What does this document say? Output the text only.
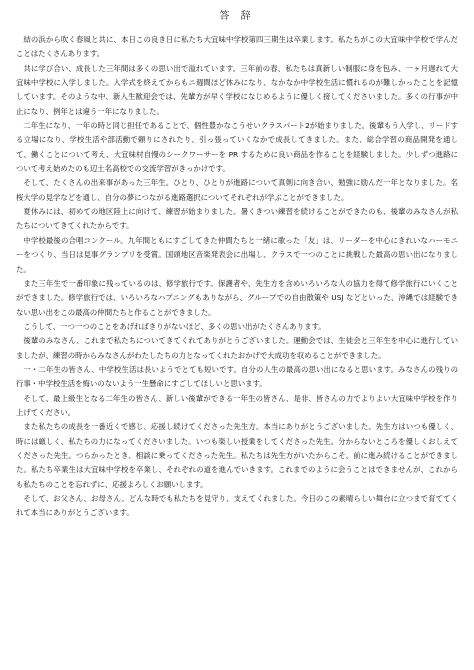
答 辞

結の浜から吹く春風と共に、本日この良き日に私たち大宜味中学校第四三期生は卒業します。私たちがこの大宜味中学校で学んだことはたくさんあります。

共に学び合い、成長した三年間は多くの思い出で溢れています。三年前の春、私たちは真新しい制服に身を包み、一ヶ月遅れて大宜味中学校に入学しました。入学式を終えてからもニ週間ほど休みになり、なかなか中学校生活に慣れるのが難しかったことを記憶しています。そのような中、新入生歓迎会では、先輩方が早く学校になじめるように優しく接してくださいました。多くの行事が中止になり、例年とは違う一年になりました。

二年生になり、一年の時と同じ担任であることで、個性豊かなこうせいクラスパート2が始まりました。後輩もう入学し、リードする立場になり、学校生活や部活動で頼りにされたり、引っ張っていくなかで成長してきました。また、総合学習の商品開発を通して、働くことについて考え、大宜味村自慢のシークワーサーを PR するために良い商品を作ることを経験しました。少しずつ進路について考え始めたのも辺土名高校での交流学習がきっかけです。

そして、たくさんの出来事があった三年生。ひとり、ひとりが進路について真剣に向き合い、勉強に励んだ一年となりました。名桜大学の見学などを通し、自分の夢につながる進路選択についてそれぞれが学ぶことができました。

夏休みには、初めての地区陸上に向けて、練習が始まりました。暑くきつい練習を続けることができたのも、後輩のみなさんが私たちについてきてくれたからです。

中学校最後の合唱コンクール。九年間ともにすごしてきた仲間たちと一緒に歌った「友」は、リーダーを中心にきれいなハーモニーをつくり、当日は見事グランプリを受賞。国頭地区音楽発表会に出場し、クラスで一つのことに挑戦した最高の思い出になりました。

また三年生で一番印象に残っているのは、修学旅行です。保護者や、先生方を含めいろいろな人の協力を得て修学旅行にいくことができました。修学旅行では、いろいろなハプニングもありながら、グループでの自由散策や USJ などといった、沖縄では経験できない思い出をこの最高の仲間たちと作ることができました。

こうして、一つ一つのことをあげればきりがないほど、多くの思い出がたくさんあります。

後輩のみなさん、これまで私たちについてきてくれてありがとうございました。運動会では、生徒会と三年生を中心に進行していましたが、練習の時からみなさんがわたしたちの力となってくれたおかげで大成功を収めることができました。

一・二年生の皆さん、中学校生活は長いようでとても短いです。自分の人生の最高の思い出になると思います。みなさんの残りの行事・中学校生活を悔いのないよう一生懸命にすごしてほしいと思います。

そして、最上級生となる二年生の皆さん、新しい後輩ができる一年生の皆さん、是非、皆さんの力でよりよい大宜味中学校を作り上げてください。

また私たちの成長を一番近くで感じ、応援し続けてくださった先生方。本当にありがとうございました。先生方はいつも優しく、時には厳しく、私たちの力になってくださいました。いつも楽しい授業をしてくださった先生。分からないところを優しくおしえてくださった先生。つらかったとき、相談に乗ってくださった先生。私たちは先生方がいたからこそ、前に進み続けることができました。私たち卒業生は大宜味中学校を卒業し、それぞれの道を進んでいきます。これまでのように会うことはできませんが、これからも私たちのことを忘れずに、応援よろしくお願いします。

そして、お父さん、お母さん。どんな時でも私たちを見守り、支えてくれました。今日のこの素晴らしい舞台に立つまで育ててくれて本当にありがとうございます。
